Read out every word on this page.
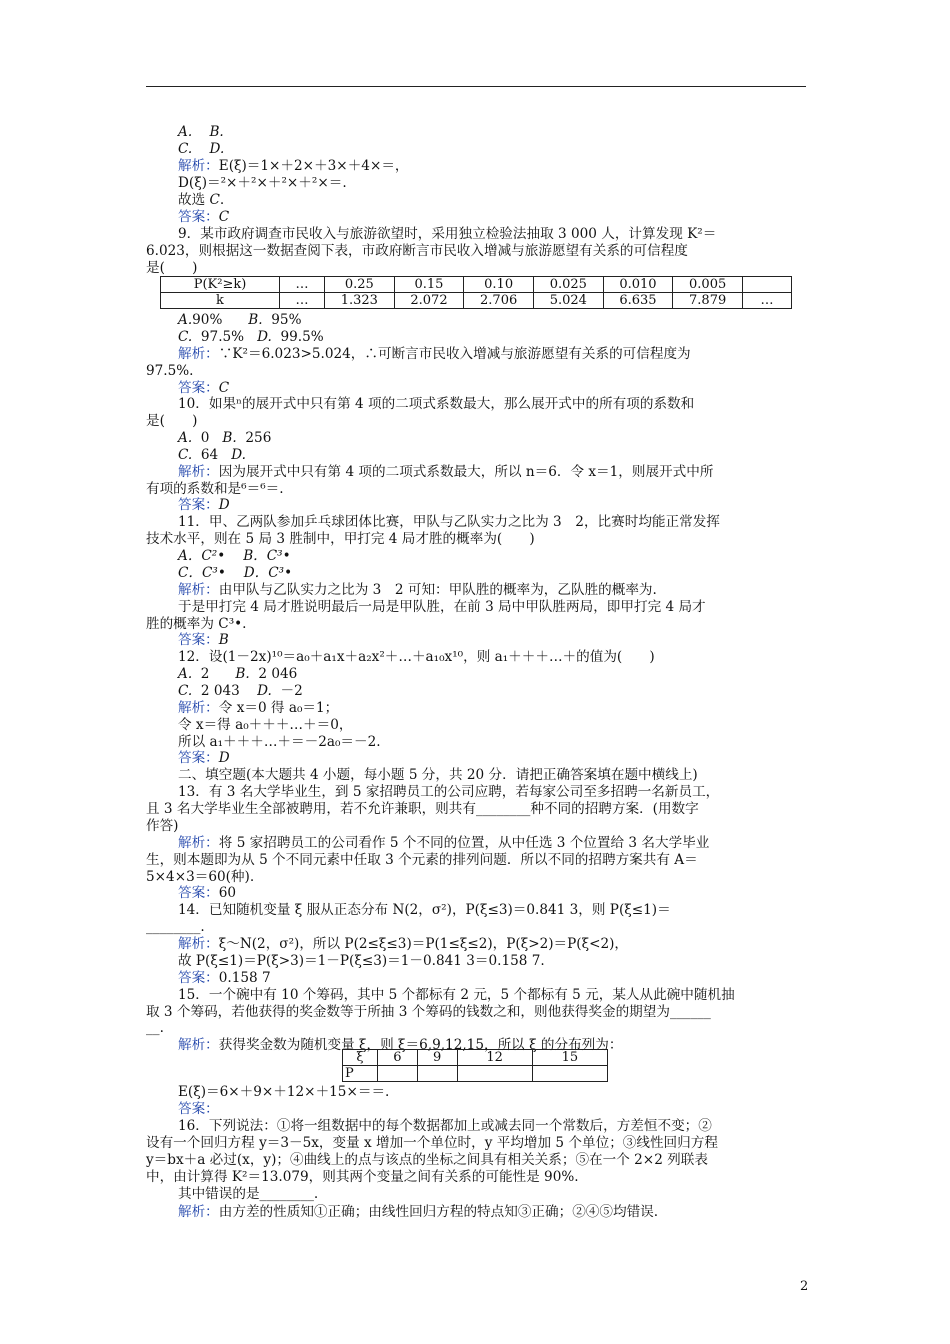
A. B.
C. D.
解析：E(ξ)＝1×＋2×＋3×＋4×＝，
D(ξ)＝²×＋²×＋²×＋²×＝.
故选 C.
答案：C
9．某市政府调查市民收入与旅游欲望时，采用独立检验法抽取 3 000 人，计算发现 K²＝
6.023，则根据这一数据查阅下表，市政府断言市民收入增减与旅游愿望有关系的可信程度
是(　　)
P(K²≥k)	…	0.25	0.15	0.10	0.025	0.010	0.005	
k	…	1.323	2.072	2.706	5.024	6.635	7.879	…
A.90% B. 95%
C. 97.5% D. 99.5%
解析：∵K²＝6.023>5.024，∴可断言市民收入增减与旅游愿望有关系的可信程度为
97.5%.
答案：C
10．如果ⁿ的展开式中只有第 4 项的二项式系数最大，那么展开式中的所有项的系数和
是(　　)
A. 0 B. 256
C. 64 D.
解析：因为展开式中只有第 4 项的二项式系数最大，所以 n＝6．令 x＝1，则展开式中所
有项的系数和是⁶＝⁶＝.
答案：D
11．甲、乙两队参加乒乓球团体比赛，甲队与乙队实力之比为 3　2，比赛时均能正常发挥
技术水平，则在 5 局 3 胜制中，甲打完 4 局才胜的概率为(　　)
A．C²•　 B．C³•
C．C³•　 D．C³•
解析：由甲队与乙队实力之比为 3　2 可知：甲队胜的概率为，乙队胜的概率为.
于是甲打完 4 局才胜说明最后一局是甲队胜，在前 3 局中甲队胜两局，即甲打完 4 局才
胜的概率为 C³•.
答案：B
12．设(1－2x)¹⁰＝a₀＋a₁x＋a₂x²＋…＋a₁₀x¹⁰，则 a₁＋＋＋…＋的值为(　　)
A. 2 B. 2 046
C. 2 043 D. －2
解析：令 x＝0 得 a₀＝1；
令 x＝得 a₀＋＋＋…＋＝0，
所以 a₁＋＋＋…＋＝－2a₀＝－2.
答案：D
二、填空题(本大题共 4 小题，每小题 5 分，共 20 分．请把正确答案填在题中横线上)
13．有 3 名大学毕业生，到 5 家招聘员工的公司应聘，若每家公司至多招聘一名新员工，
且 3 名大学毕业生全部被聘用，若不允许兼职，则共有________种不同的招聘方案．(用数字
作答)
解析：将 5 家招聘员工的公司看作 5 个不同的位置，从中任选 3 个位置给 3 名大学毕业
生，则本题即为从 5 个不同元素中任取 3 个元素的排列问题．所以不同的招聘方案共有 A＝
5×4×3＝60(种).
答案：60
14．已知随机变量 ξ 服从正态分布 N(2，σ²)，P(ξ≤3)＝0.841 3，则 P(ξ≤1)＝
________.
解析：ξ～N(2，σ²)，所以 P(2≤ξ≤3)＝P(1≤ξ≤2)，P(ξ>2)＝P(ξ<2)，
故 P(ξ≤1)＝P(ξ>3)＝1－P(ξ≤3)＝1－0.841 3＝0.158 7.
答案：0.158 7
15．一个碗中有 10 个筹码，其中 5 个都标有 2 元，5 个都标有 5 元，某人从此碗中随机抽
取 3 个筹码，若他获得的奖金数等于所抽 3 个筹码的钱数之和，则他获得奖金的期望为______
__.
解析：获得奖金数为随机变量 ξ，则 ξ＝6,9,12,15，所以 ξ 的分布列为：
ξ	6	9	12	15
P				
E(ξ)＝6×＋9×＋12×＋15×＝＝.
答案：
16．下列说法：①将一组数据中的每个数据都加上或减去同一个常数后，方差恒不变；②
设有一个回归方程 y＝3－5x，变量 x 增加一个单位时，y 平均增加 5 个单位；③线性回归方程
y＝bx＋a 必过(x，y)；④曲线上的点与该点的坐标之间具有相关关系；⑤在一个 2×2 列联表
中，由计算得 K²＝13.079，则其两个变量之间有关系的可能性是 90%.
其中错误的是________.
解析：由方差的性质知①正确；由线性回归方程的特点知③正确；②④⑤均错误.
2
